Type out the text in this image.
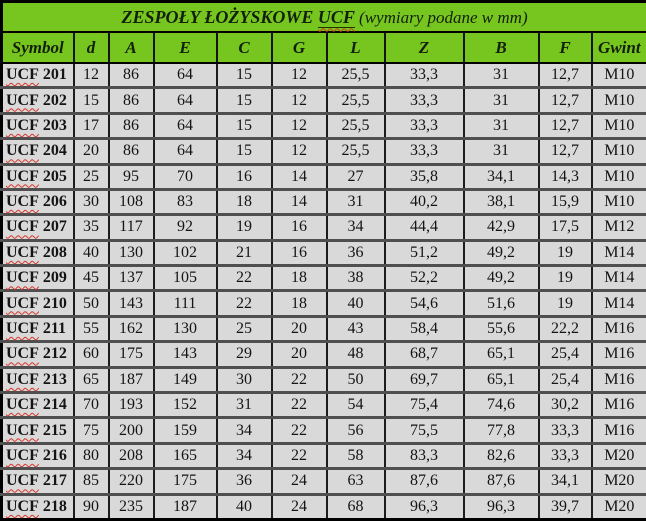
ZESPOŁY ŁOŻYSKOWE UCF (wymiary podane w mm)										
Symbol	d	A	E	C	G	L	Z	B	F	Gwint
UCF 201	12	86	64	15	12	25,5	33,3	31	12,7	M10
UCF 202	15	86	64	15	12	25,5	33,3	31	12,7	M10
UCF 203	17	86	64	15	12	25,5	33,3	31	12,7	M10
UCF 204	20	86	64	15	12	25,5	33,3	31	12,7	M10
UCF 205	25	95	70	16	14	27	35,8	34,1	14,3	M10
UCF 206	30	108	83	18	14	31	40,2	38,1	15,9	M10
UCF 207	35	117	92	19	16	34	44,4	42,9	17,5	M12
UCF 208	40	130	102	21	16	36	51,2	49,2	19	M14
UCF 209	45	137	105	22	18	38	52,2	49,2	19	M14
UCF 210	50	143	111	22	18	40	54,6	51,6	19	M14
UCF 211	55	162	130	25	20	43	58,4	55,6	22,2	M16
UCF 212	60	175	143	29	20	48	68,7	65,1	25,4	M16
UCF 213	65	187	149	30	22	50	69,7	65,1	25,4	M16
UCF 214	70	193	152	31	22	54	75,4	74,6	30,2	M16
UCF 215	75	200	159	34	22	56	75,5	77,8	33,3	M16
UCF 216	80	208	165	34	22	58	83,3	82,6	33,3	M20
UCF 217	85	220	175	36	24	63	87,6	87,6	34,1	M20
UCF 218	90	235	187	40	24	68	96,3	96,3	39,7	M20
